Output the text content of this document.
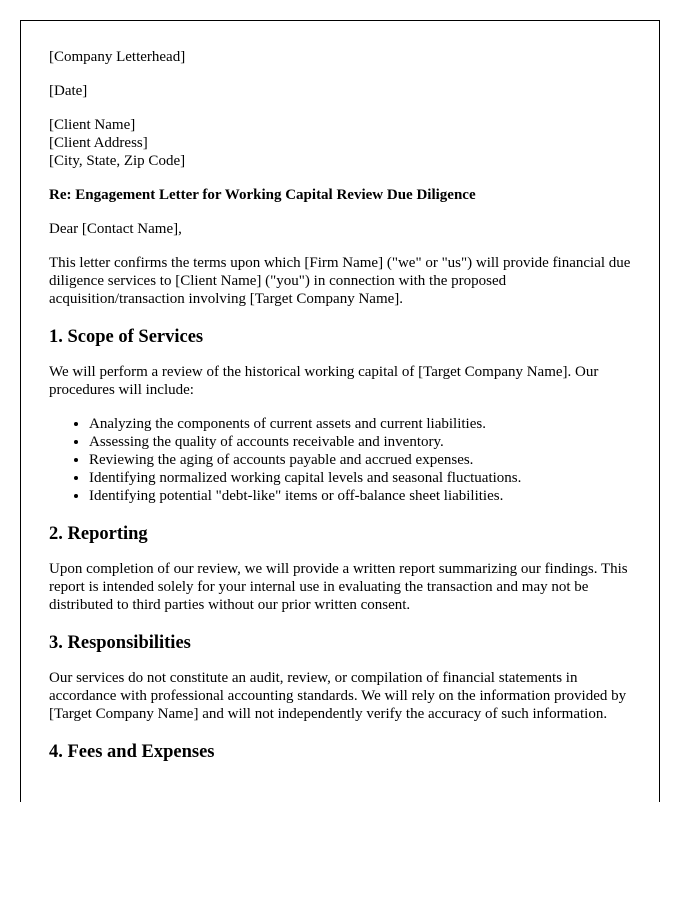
[Company Letterhead]

[Date]

[Client Name]
[Client Address]
[City, State, Zip Code]

Re: Engagement Letter for Working Capital Review Due Diligence

Dear [Contact Name],

This letter confirms the terms upon which [Firm Name] ("we" or "us") will provide financial due diligence services to [Client Name] ("you") in connection with the proposed acquisition/transaction involving [Target Company Name].

1. Scope of Services

We will perform a review of the historical working capital of [Target Company Name]. Our procedures will include:

• Analyzing the components of current assets and current liabilities.
• Assessing the quality of accounts receivable and inventory.
• Reviewing the aging of accounts payable and accrued expenses.
• Identifying normalized working capital levels and seasonal fluctuations.
• Identifying potential "debt-like" items or off-balance sheet liabilities.
2. Reporting

Upon completion of our review, we will provide a written report summarizing our findings. This report is intended solely for your internal use in evaluating the transaction and may not be distributed to third parties without our prior written consent.

3. Responsibilities

Our services do not constitute an audit, review, or compilation of financial statements in accordance with professional accounting standards. We will rely on the information provided by [Target Company Name] and will not independently verify the accuracy of such information.

4. Fees and Expenses
